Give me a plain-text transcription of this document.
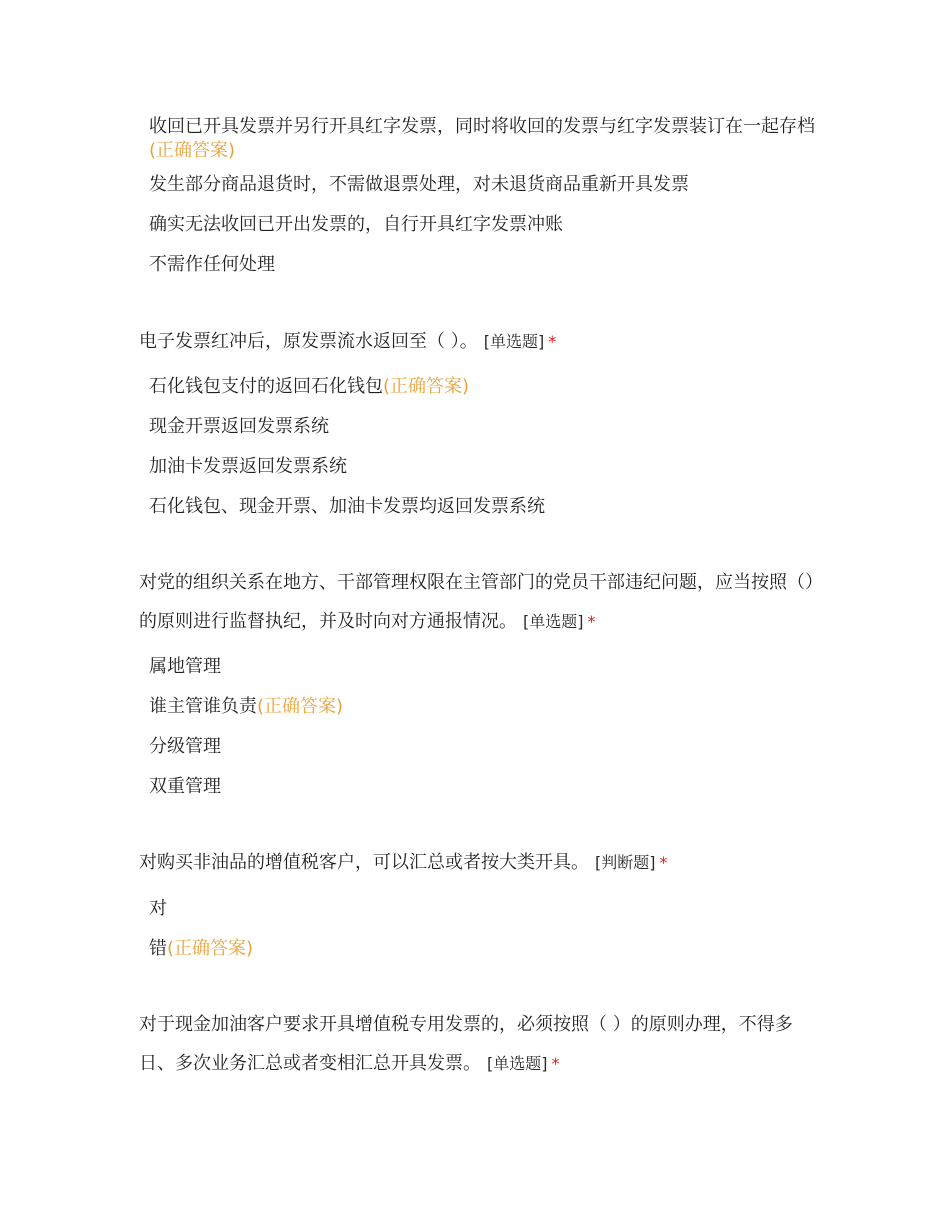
收回已开具发票并另行开具红字发票，同时将收回的发票与红字发票装订在一起存档(正确答案)
发生部分商品退货时，不需做退票处理，对未退货商品重新开具发票
确实无法收回已开出发票的，自行开具红字发票冲账
不需作任何处理
电子发票红冲后，原发票流水返回至（ ）。 [单选题] *
石化钱包支付的返回石化钱包(正确答案)
现金开票返回发票系统
加油卡发票返回发票系统
石化钱包、现金开票、加油卡发票均返回发票系统
对党的组织关系在地方、干部管理权限在主管部门的党员干部违纪问题，应当按照（）的原则进行监督执纪，并及时向对方通报情况。 [单选题] *
属地管理
谁主管谁负责(正确答案)
分级管理
双重管理
对购买非油品的增值税客户，可以汇总或者按大类开具。 [判断题] *
对
错(正确答案)
对于现金加油客户要求开具增值税专用发票的，必须按照（ ）的原则办理，不得多日、多次业务汇总或者变相汇总开具发票。 [单选题] *
